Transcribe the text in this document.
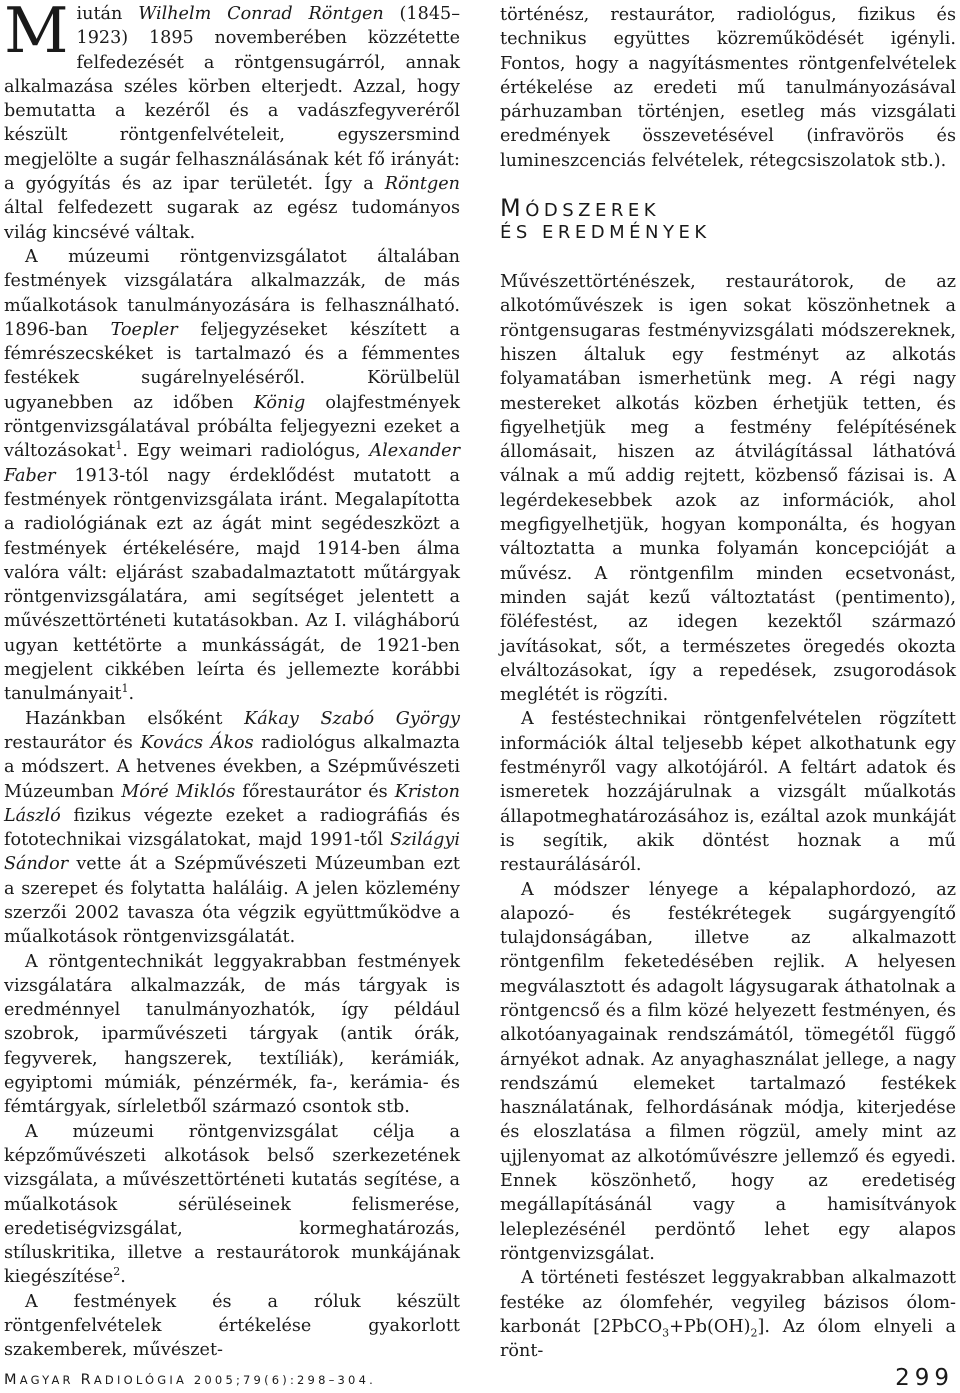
Miután Wilhelm Conrad Röntgen (1845–1923) 1895 novemberében közzétette felfedezését a röntgensugárról, annak alkalmazása széles körben elterjedt. Azzal, hogy bemutatta a kezéről és a vadászfegyveréről készült röntgenfelvételeit, egyszersmind megjelölte a sugár felhasználásának két fő irányát: a gyógyítás és az ipar területét. Így a Röntgen által felfedezett sugarak az egész tudományos világ kincsévé váltak.

A múzeumi röntgenvizsgálatot általában festmények vizsgálatára alkalmazzák, de más műalkotások tanulmányozására is felhasználható. 1896-ban Toepler feljegyzéseket készített a fémrészecskéket is tartalmazó és a fémmentes festékek sugárelnyeléséről. Körülbelül ugyanebben az időben König olajfestmények röntgenvizsgálatával próbálta feljegyezni ezeket a változásokat$^1$. Egy weimari radiológus, Alexander Faber 1913-tól nagy érdeklődést mutatott a festmények röntgenvizsgálata iránt. Megalapította a radiológiának ezt az ágát mint segédeszközt a festmények értékelésére, majd 1914-ben álma valóra vált: eljárást szabadalmaztatott műtárgyak röntgenvizsgálatára, ami segítséget jelentett a művészettörténeti kutatásokban. Az I. világháború ugyan kettétörte a munkásságát, de 1921-ben megjelent cikkében leírta és jellemezte korábbi tanulmányait$^1$.

Hazánkban elsőként Kákay Szabó György restaurátor és Kovács Ákos radiológus alkalmazta a módszert. A hetvenes években, a Szépművészeti Múzeumban Móré Miklós főrestaurátor és Kriston László fizikus végezte ezeket a radiográfiás és fototechnikai vizsgálatokat, majd 1991-től Szilágyi Sándor vette át a Szépművészeti Múzeumban ezt a szerepet és folytatta haláláig. A jelen közlemény szerzői 2002 tavasza óta végzik együttműködve a műalkotások röntgenvizsgálatát.

A röntgentechnikát leggyakrabban festmények vizsgálatára alkalmazzák, de más tárgyak is eredménnyel tanulmányozhatók, így például szobrok, iparművészeti tárgyak (antik órák, fegyverek, hangszerek, textíliák), kerámiák, egyiptomi múmiák, pénzérmék, fa-, kerámia- és fémtárgyak, sírleletből származó csontok stb.

A múzeumi röntgenvizsgálat célja a képzőművészeti alkotások belső szerkezetének vizsgálata, a művészettörténeti kutatás segítése, a műalkotások sérüléseinek felismerése, eredetiségvizsgálat, kormeghatározás, stíluskritika, illetve a restaurátorok munkájának kiegészítése$^2$.

A festmények és a róluk készült röntgenfelvételek értékelése gyakorlott szakemberek, művészet-

történész, restaurátor, radiológus, fizikus és technikus együttes közreműködését igényli. Fontos, hogy a nagyításmentes röntgenfelvételek értékelése az eredeti mű tanulmányozásával párhuzamban történjen, esetleg más vizsgálati eredmények összevetésével (infravörös és lumineszcenciás felvételek, rétegcsiszolatok stb.).

MÓDSZEREK
ÉS EREDMÉNYEK

Művészettörténészek, restaurátorok, de az alkotóművészek is igen sokat köszönhetnek a röntgensugaras festményvizsgálati módszereknek, hiszen általuk egy festményt az alkotás folyamatában ismerhetünk meg. A régi nagy mestereket alkotás közben érhetjük tetten, és figyelhetjük meg a festmény felépítésének állomásait, hiszen az átvilágítással láthatóvá válnak a mű addig rejtett, közbenső fázisai is. A legérdekesebbek azok az információk, ahol megfigyelhetjük, hogyan komponálta, és hogyan változtatta a munka folyamán koncepcióját a művész. A röntgenfilm minden ecsetvonást, minden saját kezű változtatást (pentimento), föléfestést, az idegen kezektől származó javításokat, sőt, a természetes öregedés okozta elváltozásokat, így a repedések, zsugorodások meglétét is rögzíti.

A festéstechnikai röntgenfelvételen rögzített információk által teljesebb képet alkothatunk egy festményről vagy alkotójáról. A feltárt adatok és ismeretek hozzájárulnak a vizsgált műalkotás állapotmeghatározásához is, ezáltal azok munkáját is segítik, akik döntést hoznak a mű restaurálásáról.

A módszer lényege a képalaphordozó, az alapozó- és festékrétegek sugárgyengítő tulajdonságában, illetve az alkalmazott röntgenfilm feketedésében rejlik. A helyesen megválasztott és adagolt lágysugarak áthatolnak a röntgencső és a film közé helyezett festményen, és alkotóanyagainak rendszámától, tömegétől függő árnyékot adnak. Az anyaghasználat jellege, a nagy rendszámú elemeket tartalmazó festékek használatának, felhordásának módja, kiterjedése és eloszlatása a filmen rögzül, amely mint az ujjlenyomat az alkotóművészre jellemző és egyedi. Ennek köszönhető, hogy az eredetiség megállapításánál vagy a hamisítványok leleplezésénél perdöntő lehet egy alapos röntgenvizsgálat.

A történeti festészet leggyakrabban alkalmazott festéke az ólomfehér, vegyileg bázisos ólom-karbonát $[2PbCO_3+Pb(OH)_2]$. Az ólom elnyeli a rönt-

MAGYAR RADIOLÓGIA 2005;79(6):298–304.	299
